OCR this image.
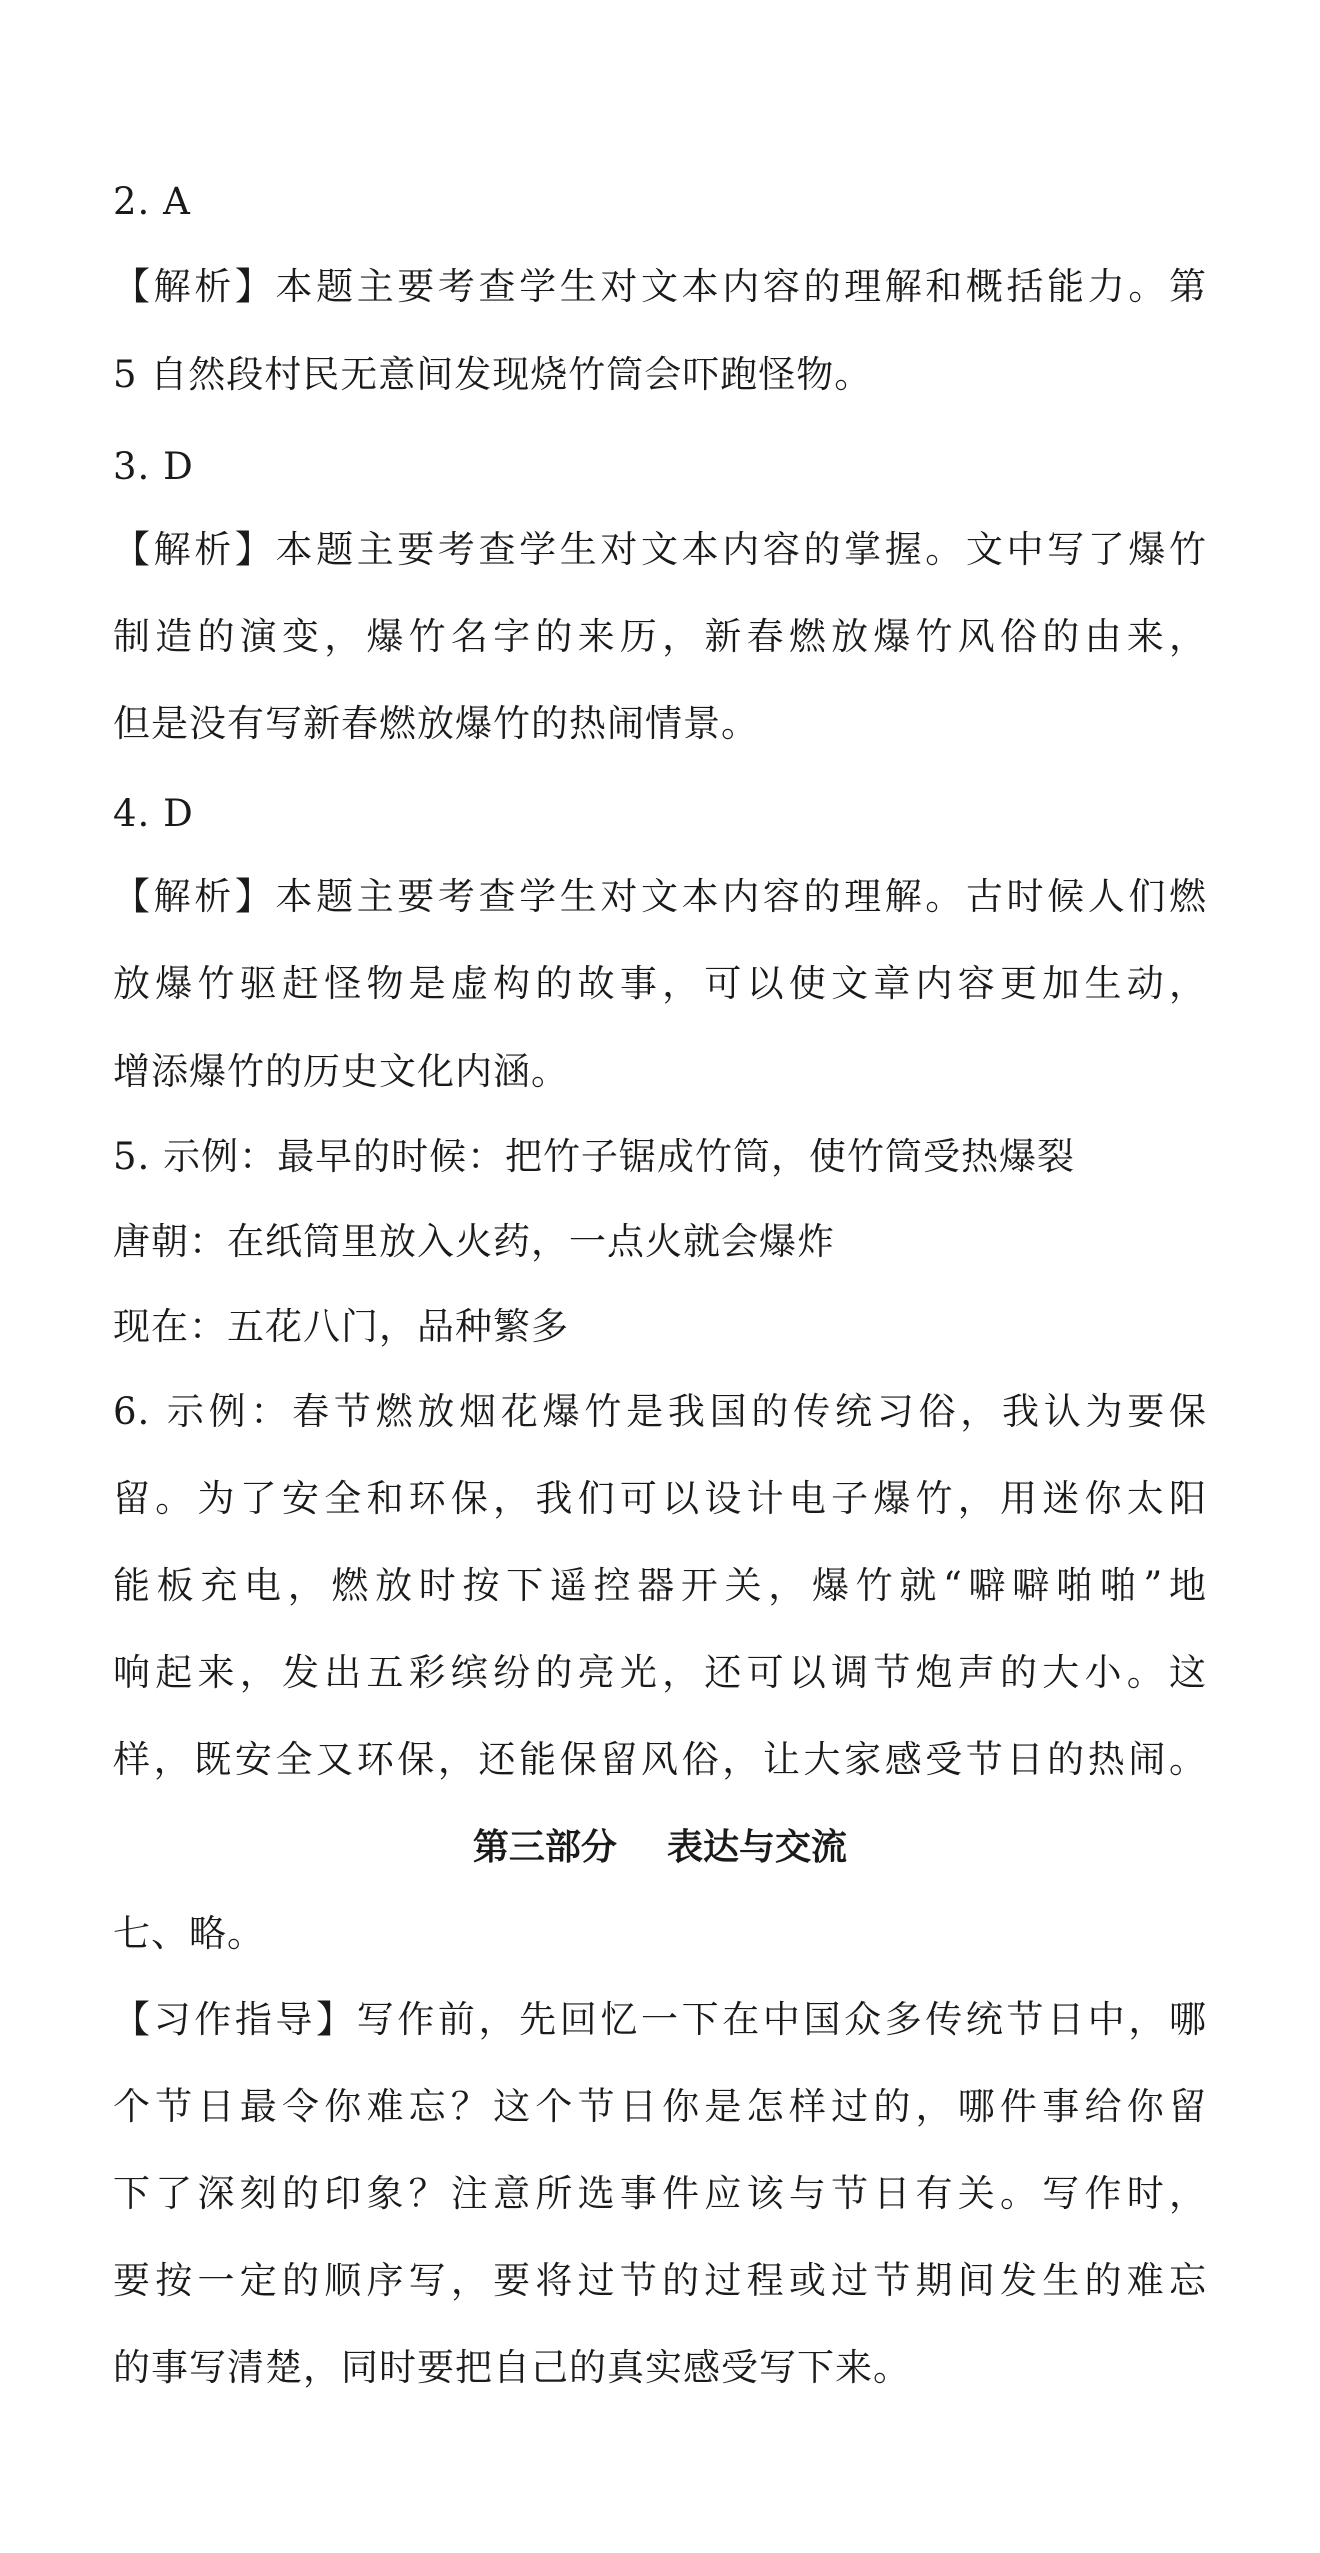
2. A
【解析】本题主要考查学生对文本内容的理解和概括能力。第
5 自然段村民无意间发现烧竹筒会吓跑怪物。
3. D
【解析】本题主要考查学生对文本内容的掌握。文中写了爆竹
制造的演变，爆竹名字的来历，新春燃放爆竹风俗的由来，
但是没有写新春燃放爆竹的热闹情景。
4. D
【解析】本题主要考查学生对文本内容的理解。古时候人们燃
放爆竹驱赶怪物是虚构的故事，可以使文章内容更加生动，
增添爆竹的历史文化内涵。
5. 示例：最早的时候：把竹子锯成竹筒，使竹筒受热爆裂
唐朝：在纸筒里放入火药，一点火就会爆炸
现在：五花八门，品种繁多
6. 示例：春节燃放烟花爆竹是我国的传统习俗，我认为要保
留。为了安全和环保，我们可以设计电子爆竹，用迷你太阳
能板充电，燃放时按下遥控器开关，爆竹就“噼噼啪啪”地
响起来，发出五彩缤纷的亮光，还可以调节炮声的大小。这
样，既安全又环保，还能保留风俗，让大家感受节日的热闹。
第三部分    表达与交流
七、略。
【习作指导】写作前，先回忆一下在中国众多传统节日中，哪
个节日最令你难忘？这个节日你是怎样过的，哪件事给你留
下了深刻的印象？注意所选事件应该与节日有关。写作时，
要按一定的顺序写，要将过节的过程或过节期间发生的难忘
的事写清楚，同时要把自己的真实感受写下来。
